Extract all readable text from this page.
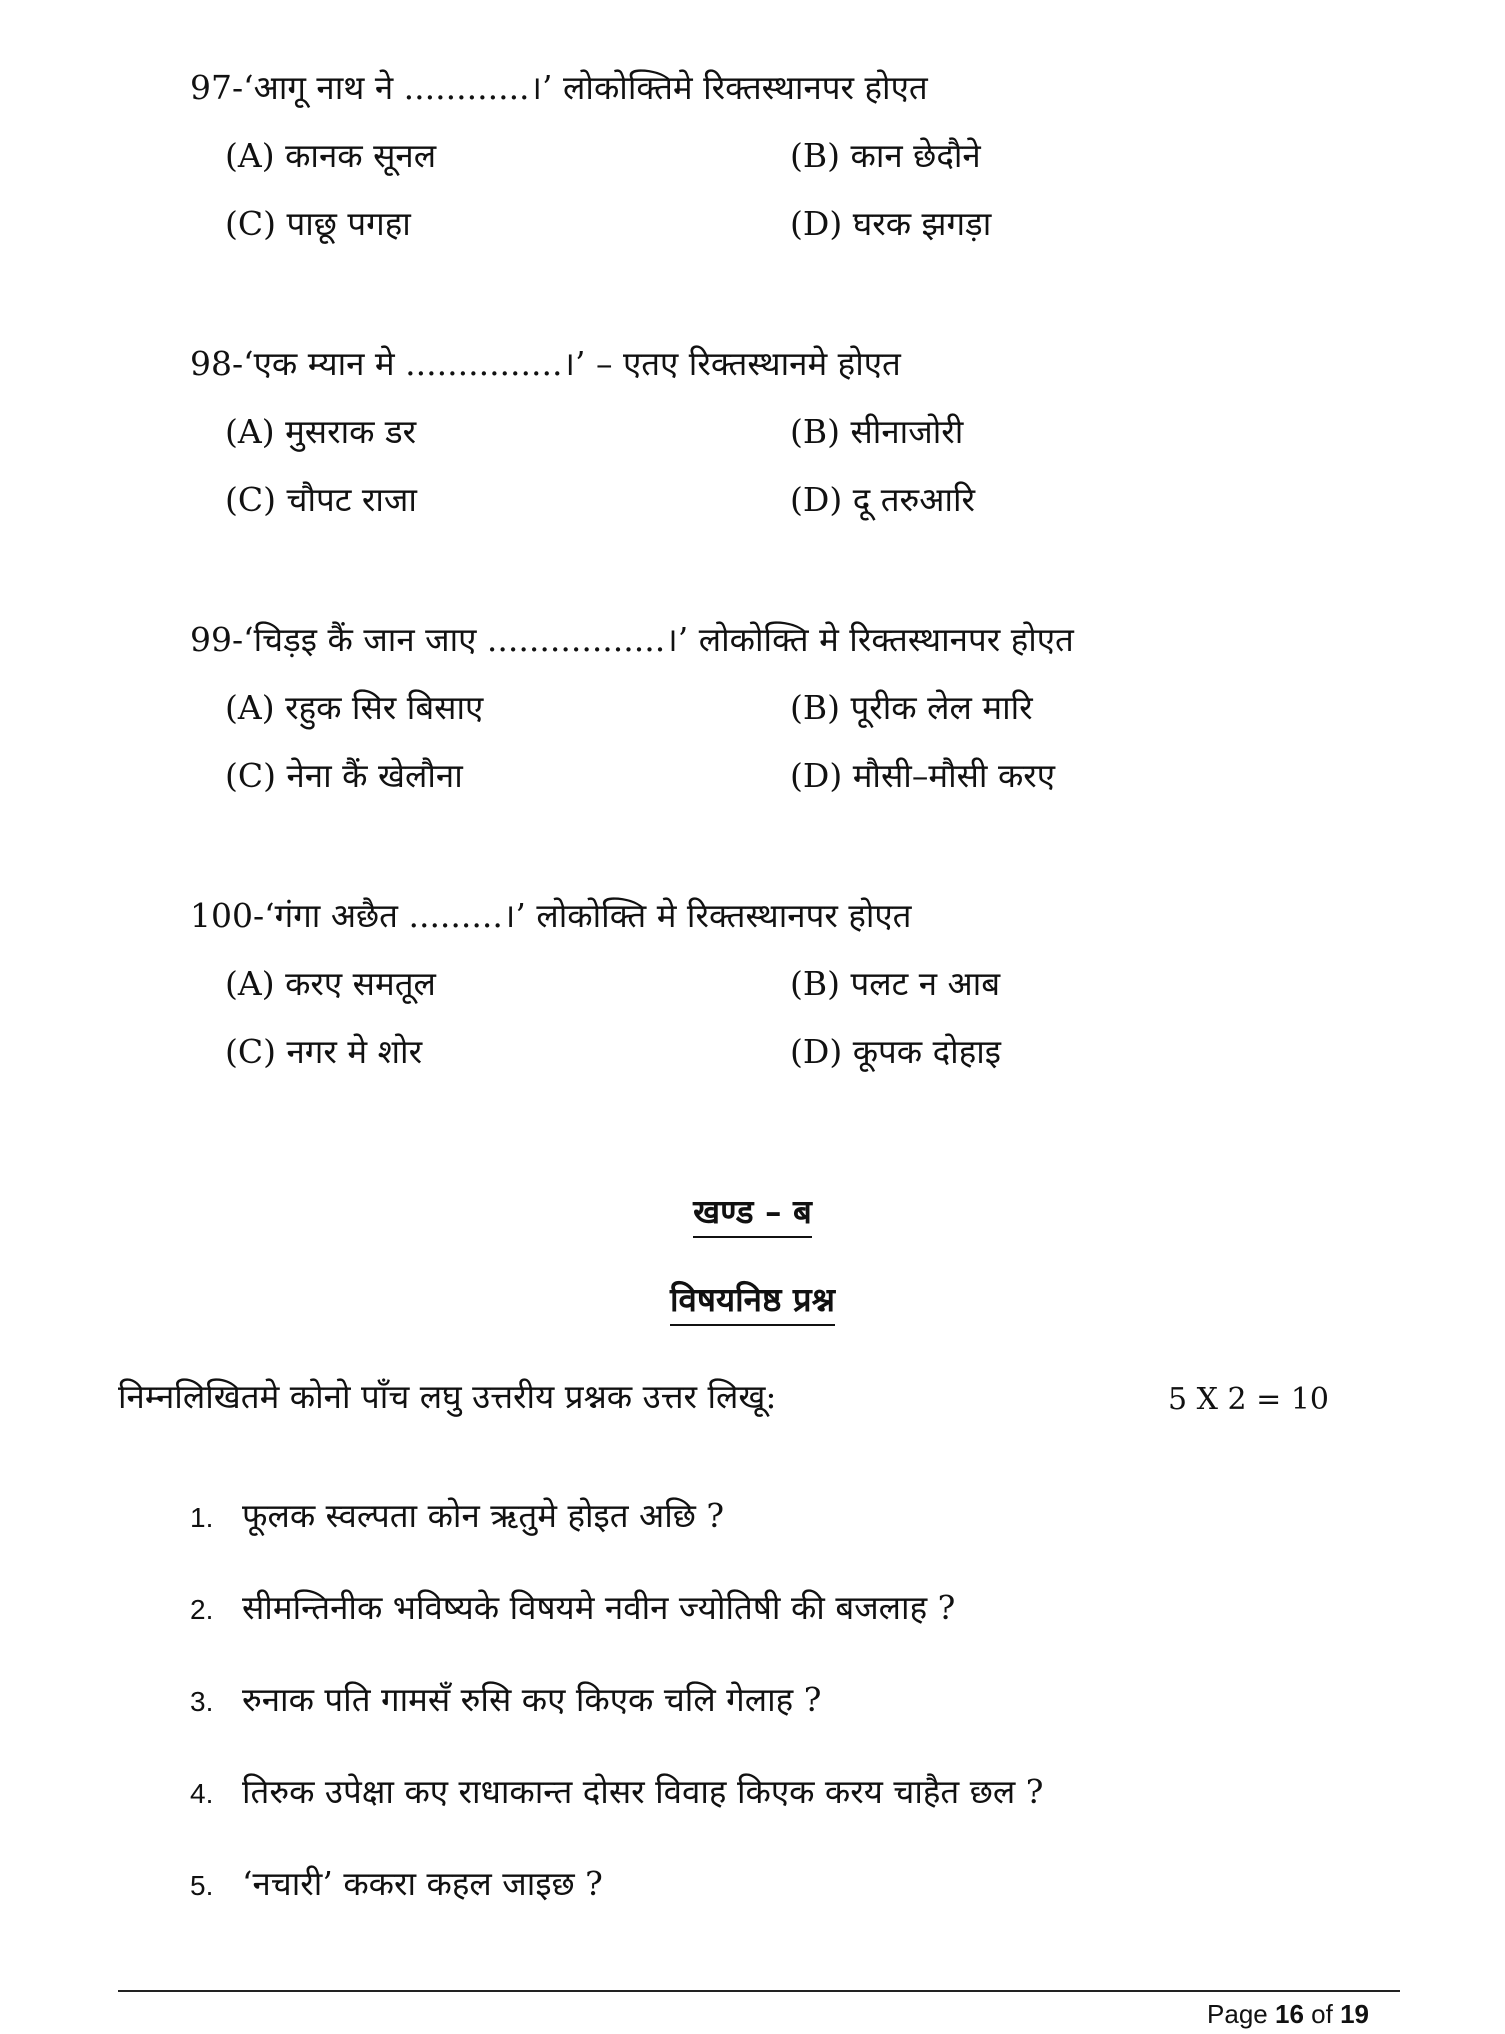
97-‘आगू नाथ ने ............।’ लोकोक्तिमे रिक्तस्थानपर होएत
(A) कानक सूनल	(B) कान छेदौने
(C) पाछू पगहा	(D) घरक झगड़ा
98-‘एक म्यान मे ...............।’ – एतए रिक्तस्थानमे होएत
(A) मुसराक डर	(B) सीनाजोरी
(C) चौपट राजा	(D) दू तरुआरि
99-‘चिड़इ कैं जान जाए .................।’ लोकोक्ति मे रिक्तस्थानपर होएत
(A) रहुक सिर बिसाए	(B) पूरीक लेल मारि
(C) नेना कैं खेलौना	(D) मौसी–मौसी करए
100-‘गंगा अछैत .........।’ लोकोक्ति मे रिक्तस्थानपर होएत
(A) करए समतूल	(B) पलट न आब
(C) नगर मे शोर	(D) कूपक दोहाइ
खण्ड – ब
विषयनिष्ठ प्रश्न
निम्नलिखितमे कोनो पाँच लघु उत्तरीय प्रश्नक उत्तर लिखू:	5 X 2 = 10
1. फूलक स्वल्पता कोन ऋतुमे होइत अछि ?
2. सीमन्तिनीक भविष्यके विषयमे नवीन ज्योतिषी की बजलाह ?
3. रुनाक पति गामसँ रुसि कए किएक चलि गेलाह ?
4. तिरुक उपेक्षा कए राधाकान्त दोसर विवाह किएक करय चाहैत छल ?
5. ‘नचारी’ ककरा कहल जाइछ ?
Page 16 of 19
